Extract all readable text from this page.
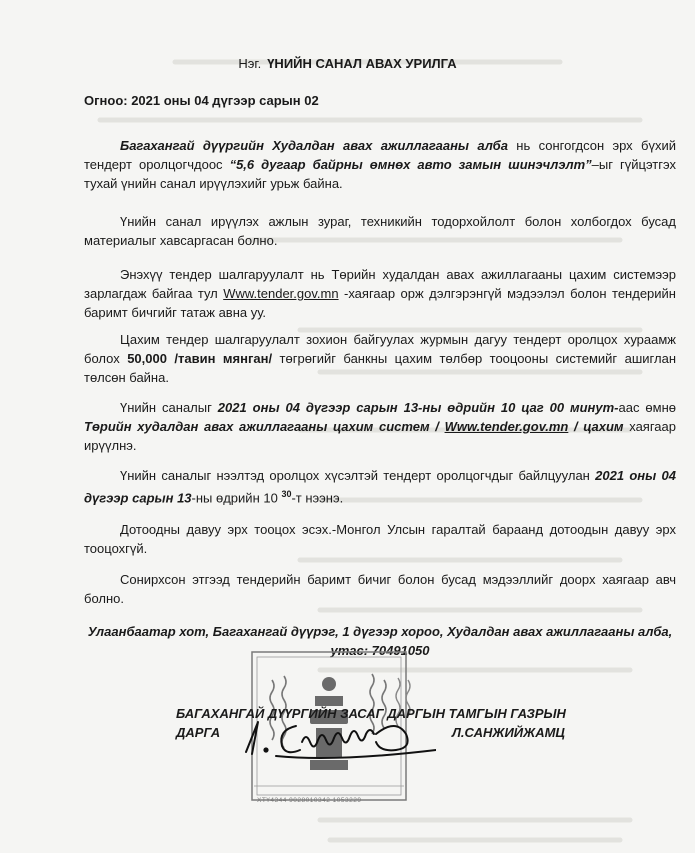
Нэг. ҮНИЙН САНАЛ АВАХ УРИЛГА
Огноо: 2021 оны 04 дүгээр сарын 02
Багахангай дүүргийн Худалдан авах ажиллагааны алба нь сонгогдсон эрх бүхий тендерт оролцогчдоос “5,6 дугаар байрны өмнөх авто замын шинэчлэлт”–ыг гүйцэтгэх тухай үнийн санал ирүүлэхийг урьж байна.
Үнийн санал ирүүлэх ажлын зураг, техникийн тодорхойлолт болон холбогдох бусад материалыг хавсаргасан болно.
Энэхүү тендер шалгаруулалт нь Төрийн худалдан авах ажиллагааны цахим системээр зарлагдаж байгаа тул Www.tender.gov.mn -хаягаар орж дэлгэрэнгүй мэдээлэл болон тендерийн баримт бичгийг татаж авна уу.
Цахим тендер шалгаруулалт зохион байгуулах журмын дагуу тендерт оролцох хураамж болох 50,000 /тавин мянган/ төгрөгийг банкны цахим төлбөр тооцооны системийг ашиглан төлсөн байна.
Үнийн саналыг 2021 оны 04 дүгээр сарын 13-ны өдрийн 10 цаг 00 минут-аас өмнө Төрийн худалдан авах ажиллагааны цахим систем / Www.tender.gov.mn / цахим хаягаар ирүүлнэ.
Үнийн саналыг нээлтэд оролцох хүсэлтэй тендерт оролцогчдыг байлцуулан 2021 оны 04 дүгээр сарын 13-ны өдрийн 10 $^{30}$-т нээнэ.
Дотоодны давуу эрх тооцох эсэх.-Монгол Улсын гаралтай бараанд дотоодын давуу эрх тооцохгүй.
Сонирхсон этгээд тендерийн баримт бичиг болон бусад мэдээллийг доорх хаягаар авч болно.
Улаанбаатар хот, Багахангай дүүрэг, 1 дүгээр хороо, Худалдан авах ажиллагааны алба, утас: 70491050
ХТҮ4344 9028010342 1053229
БАГАХАНГАЙ ДҮҮРГИЙН ЗАСАГ ДАРГЫН ТАМГЫН ГАЗРЫН
ДАРГА	Л.САНЖИЙЖАМЦ
